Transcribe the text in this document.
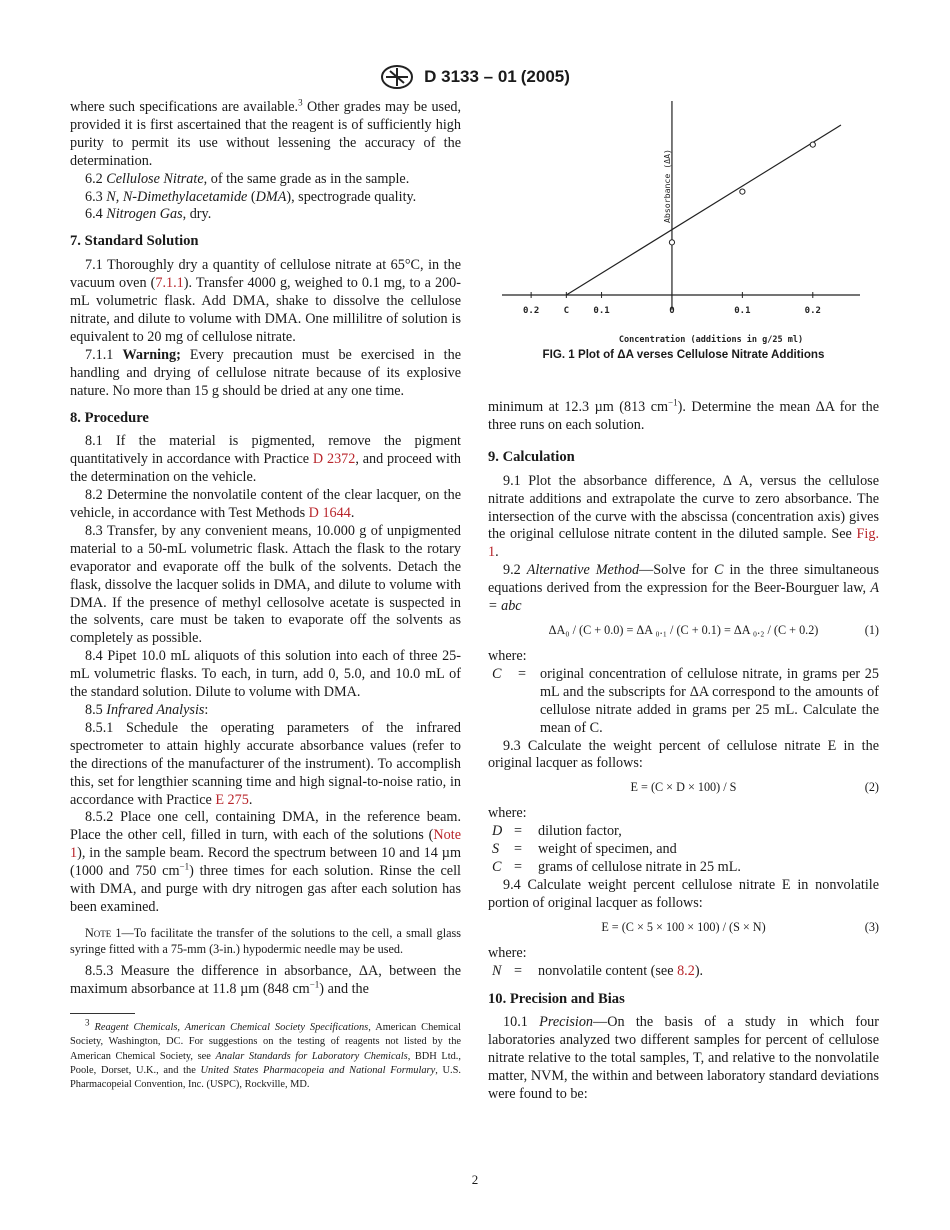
D 3133 – 01 (2005)

where such specifications are available.$^3$ Other grades may be used, provided it is first ascertained that the reagent is of sufficiently high purity to permit its use without lessening the accuracy of the determination.

6.2 Cellulose Nitrate, of the same grade as in the sample.

6.3 N, N-Dimethylacetamide (DMA), spectrograde quality.

6.4 Nitrogen Gas, dry.

7. Standard Solution

7.1 Thoroughly dry a quantity of cellulose nitrate at 65°C, in the vacuum oven (7.1.1). Transfer 4000 g, weighed to 0.1 mg, to a 200-mL volumetric flask. Add DMA, shake to dissolve the cellulose nitrate, and dilute to volume with DMA. One millilitre of solution is equivalent to 20 mg of cellulose nitrate.

7.1.1 Warning; Every precaution must be exercised in the handling and drying of cellulose nitrate because of its explosive nature. No more than 15 g should be dried at any one time.

8. Procedure

8.1 If the material is pigmented, remove the pigment quantitatively in accordance with Practice D 2372, and proceed with the determination on the vehicle.

8.2 Determine the nonvolatile content of the clear lacquer, on the vehicle, in accordance with Test Methods D 1644.

8.3 Transfer, by any convenient means, 10.000 g of unpigmented material to a 50-mL volumetric flask. Attach the flask to the rotary evaporator and evaporate off the bulk of the solvents. Detach the flask, dissolve the lacquer solids in DMA, and dilute to volume with DMA. If the presence of methyl cellosolve acetate is suspected in the solvents, care must be taken to evaporate off the solvents as completely as possible.

8.4 Pipet 10.0 mL aliquots of this solution into each of three 25-mL volumetric flasks. To each, in turn, add 0, 5.0, and 10.0 mL of the standard solution. Dilute to volume with DMA.

8.5 Infrared Analysis:

8.5.1 Schedule the operating parameters of the infrared spectrometer to attain highly accurate absorbance values (refer to the directions of the manufacturer of the instrument). To accomplish this, set for lengthier scanning time and high signal-to-noise ratio, in accordance with Practice E 275.

8.5.2 Place one cell, containing DMA, in the reference beam. Place the other cell, filled in turn, with each of the solutions (Note 1), in the sample beam. Record the spectrum between 10 and 14 µm (1000 and 750 $cm^{-1}$) three times for each solution. Rinse the cell with DMA, and purge with dry nitrogen gas after each solution has been examined.

Note 1—To facilitate the transfer of the solutions to the cell, a small glass syringe fitted with a 75-mm (3-in.) hypodermic needle may be used.

8.5.3 Measure the difference in absorbance, ΔA, between the maximum absorbance at 11.8 µm (848 $cm^{-1}$) and the

$^3$ Reagent Chemicals, American Chemical Society Specifications, American Chemical Society, Washington, DC. For suggestions on the testing of reagents not listed by the American Chemical Society, see Analar Standards for Laboratory Chemicals, BDH Ltd., Poole, Dorset, U.K., and the United States Pharmacopeia and National Formulary, U.S. Pharmacopeial Convention, Inc. (USPC), Rockville, MD.
0.2	C	0.1	0	0.1	0.2
Absorbance (ΔA)
Concentration (additions in g/25 ml)
FIG. 1 Plot of ΔA verses Cellulose Nitrate Additions

minimum at 12.3 µm (813 $cm^{-1}$). Determine the mean ΔA for the three runs on each solution.

9. Calculation

9.1 Plot the absorbance difference, Δ A, versus the cellulose nitrate additions and extrapolate the curve to zero absorbance. The intersection of the curve with the abscissa (concentration axis) gives the original cellulose nitrate content in the diluted sample. See Fig. 1.

9.2 Alternative Method—Solve for C in the three simultaneous equations derived from the expression for the Beer-Bourguer law, A = abc

ΔA₀ / (C + 0.0) = ΔA ₀.₁ / (C + 0.1) = ΔA ₀.₂ / (C + 0.2)	(1)

where:

C	= original concentration of cellulose nitrate, in grams per 25 mL and the subscripts for ΔA correspond to the amounts of cellulose nitrate added in grams per 25 mL. Calculate the mean of C.

9.3 Calculate the weight percent of cellulose nitrate E in the original lacquer as follows:

E = (C × D × 100) / S	(2)

where:

D =	dilution factor,
S	=	weight of specimen, and
C =	grams of cellulose nitrate in 25 mL.

9.4 Calculate weight percent cellulose nitrate E in nonvolatile portion of original lacquer as follows:

E = (C × 5 × 100 × 100) / (S × N)	(3)

where:

N =	nonvolatile content (see 8.2).
10. Precision and Bias

10.1 Precision—On the basis of a study in which four laboratories analyzed two different samples for percent of cellulose nitrate relative to the total samples, T, and relative to the nonvolatile matter, NVM, the within and between laboratory standard deviations were found to be:

2
